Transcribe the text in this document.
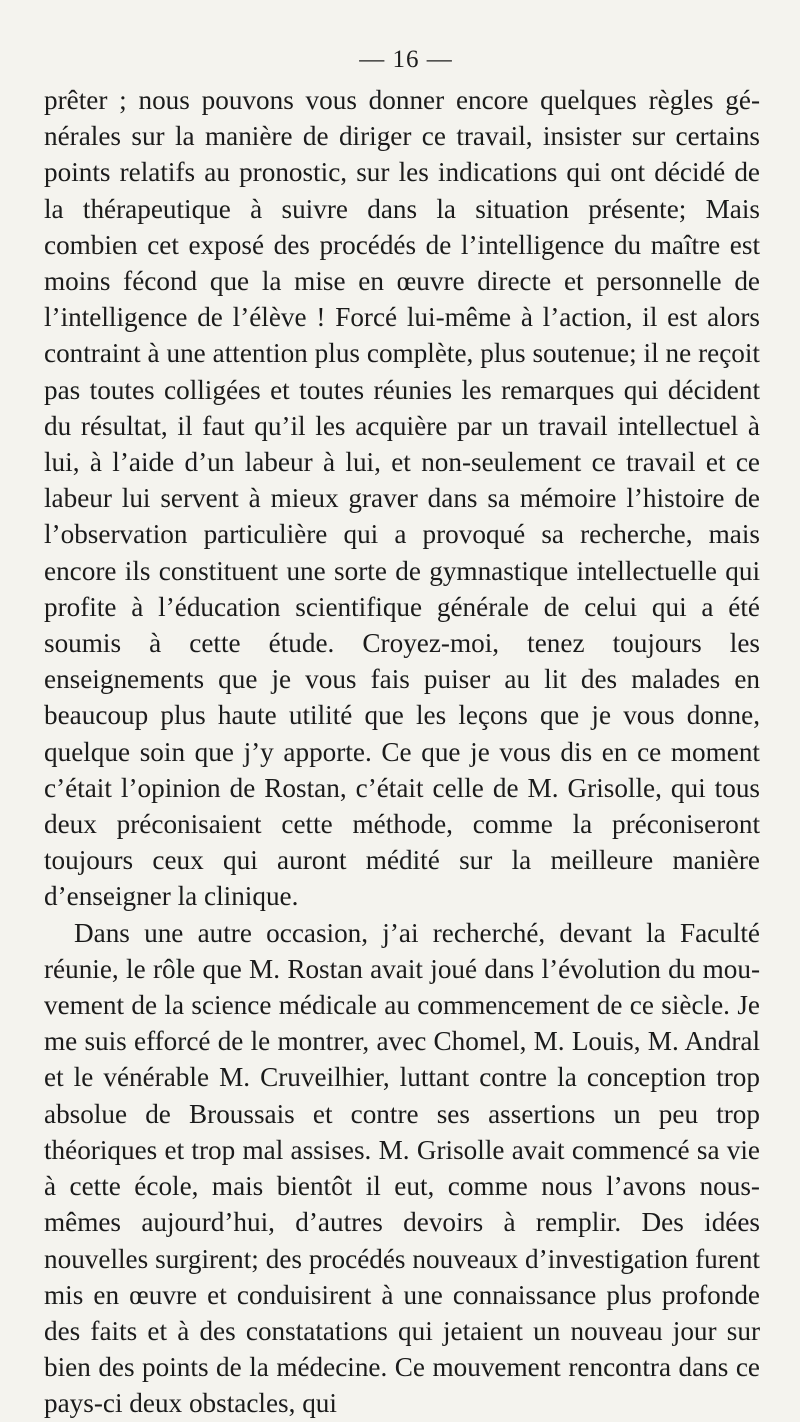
— 16 —

prêter ; nous pouvons vous donner encore quelques règles générales sur la manière de diriger ce travail, insister sur certains points relatifs au pronostic, sur les indications qui ont décidé de la thérapeutique à suivre dans la situation présente; Mais combien cet exposé des procédés de l’intelligence du maître est moins fécond que la mise en œuvre directe et personnelle de l’intelligence de l’élève ! Forcé lui-même à l’action, il est alors contraint à une attention plus complète, plus soutenue; il ne reçoit pas toutes colligées et toutes réunies les remarques qui décident du résultat, il faut qu’il les acquière par un travail intellectuel à lui, à l’aide d’un labeur à lui, et non-seulement ce travail et ce labeur lui servent à mieux graver dans sa mémoire l’histoire de l’observation particulière qui a provoqué sa recherche, mais encore ils constituent une sorte de gymnastique intellectuelle qui profite à l’éducation scientifique générale de celui qui a été soumis à cette étude. Croyez-moi, tenez toujours les enseignements que je vous fais puiser au lit des malades en beaucoup plus haute utilité que les leçons que je vous donne, quelque soin que j’y apporte. Ce que je vous dis en ce moment c’était l’opinion de Rostan, c’était celle de M. Grisolle, qui tous deux préconisaient cette méthode, comme la préconiseront toujours ceux qui auront médité sur la meilleure manière d’enseigner la clinique.

Dans une autre occasion, j’ai recherché, devant la Faculté réunie, le rôle que M. Rostan avait joué dans l’évolution du mouvement de la science médicale au commencement de ce siècle. Je me suis efforcé de le montrer, avec Chomel, M. Louis, M. Andral et le vénérable M. Cruveilhier, luttant contre la conception trop absolue de Broussais et contre ses assertions un peu trop théoriques et trop mal assises. M. Grisolle avait commencé sa vie à cette école, mais bientôt il eut, comme nous l’avons nous-mêmes aujourd’hui, d’autres devoirs à remplir. Des idées nouvelles surgirent; des procédés nouveaux d’investigation furent mis en œuvre et conduisirent à une connaissance plus profonde des faits et à des constatations qui jetaient un nouveau jour sur bien des points de la médecine. Ce mouvement rencontra dans ce pays-ci deux obstacles, qui
